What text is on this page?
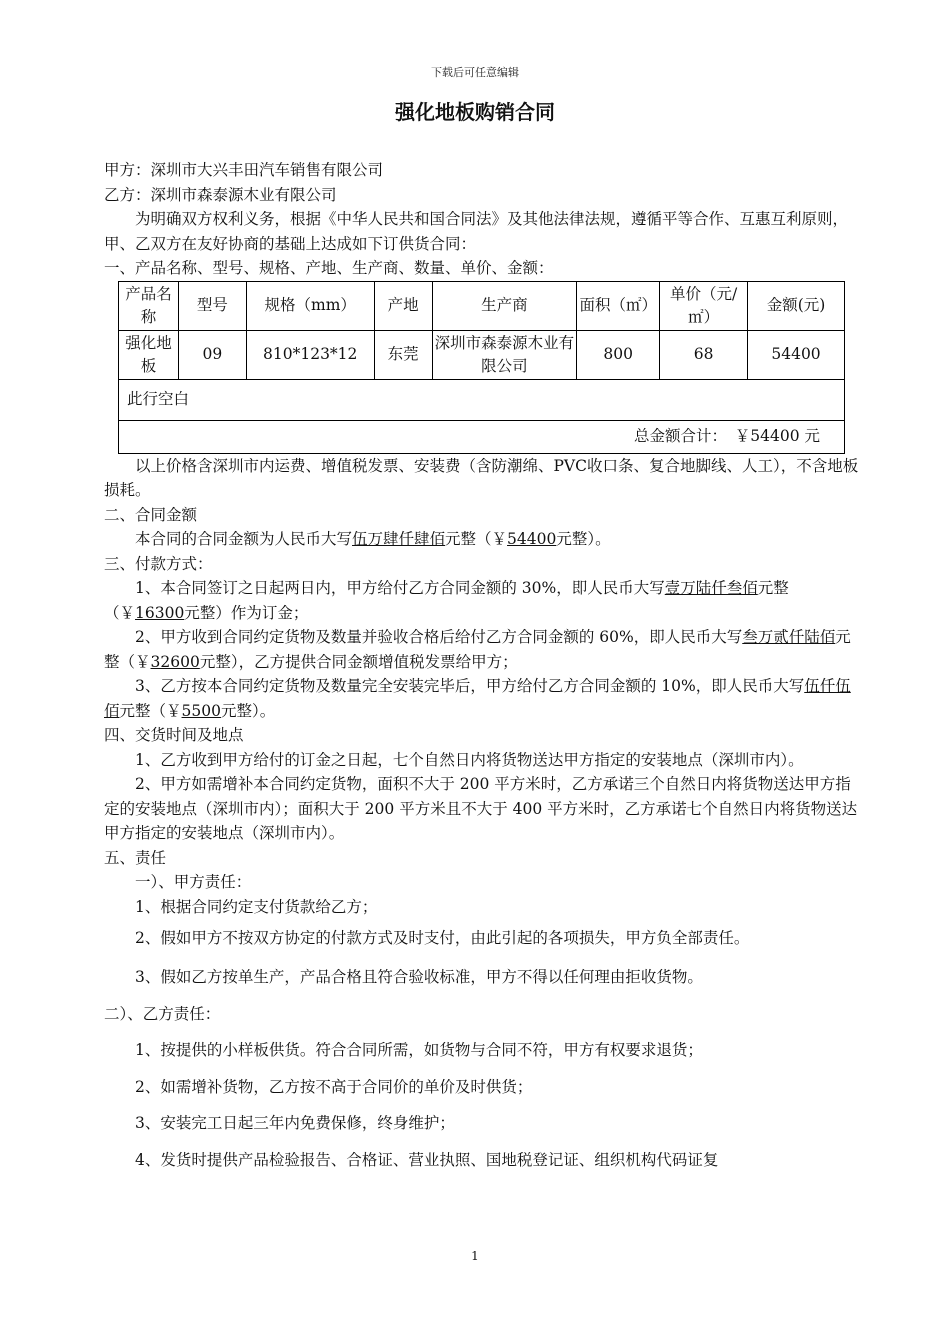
下载后可任意编辑
强化地板购销合同

甲方：深圳市大兴丰田汽车销售有限公司

乙方：深圳市森泰源木业有限公司

为明确双方权利义务，根据《中华人民共和国合同法》及其他法律法规，遵循平等合作、互惠互利原则，甲、乙双方在友好协商的基础上达成如下订供货合同：

一、产品名称、型号、规格、产地、生产商、数量、单价、金额：

产品名称	型号	规格（mm）	产地	生产商	面积（㎡）	单价（元/㎡）	金额(元)
强化地板	09	810*123*12	东莞	深圳市森泰源木业有限公司	800	68	54400
此行空白							
总金额合计：　￥54400 元							

以上价格含深圳市内运费、增值税发票、安装费（含防潮绵、PVC收口条、复合地脚线、人工），不含地板损耗。

二、合同金额

本合同的合同金额为人民币大写伍万肆仟肆佰元整（￥54400元整）。

三、付款方式：

1、本合同签订之日起两日内，甲方给付乙方合同金额的 30%，即人民币大写壹万陆仟叁佰元整（￥16300元整）作为订金；

2、甲方收到合同约定货物及数量并验收合格后给付乙方合同金额的 60%，即人民币大写叁万贰仟陆佰元整（￥32600元整），乙方提供合同金额增值税发票给甲方；

3、乙方按本合同约定货物及数量完全安装完毕后，甲方给付乙方合同金额的 10%，即人民币大写伍仟伍佰元整（￥5500元整）。

四、交货时间及地点

1、乙方收到甲方给付的订金之日起，七个自然日内将货物送达甲方指定的安装地点（深圳市内）。

2、甲方如需增补本合同约定货物，面积不大于 200 平方米时，乙方承诺三个自然日内将货物送达甲方指定的安装地点（深圳市内）；面积大于 200 平方米且不大于 400 平方米时，乙方承诺七个自然日内将货物送达甲方指定的安装地点（深圳市内）。

五、责任

一）、甲方责任：

1、根据合同约定支付货款给乙方；

2、假如甲方不按双方协定的付款方式及时支付，由此引起的各项损失，甲方负全部责任。

3、假如乙方按单生产，产品合格且符合验收标准，甲方不得以任何理由拒收货物。

二）、乙方责任：

1、按提供的小样板供货。符合合同所需，如货物与合同不符，甲方有权要求退货；

2、如需增补货物，乙方按不高于合同价的单价及时供货；

3、安装完工日起三年内免费保修，终身维护；

4、发货时提供产品检验报告、合格证、营业执照、国地税登记证、组织机构代码证复

1
